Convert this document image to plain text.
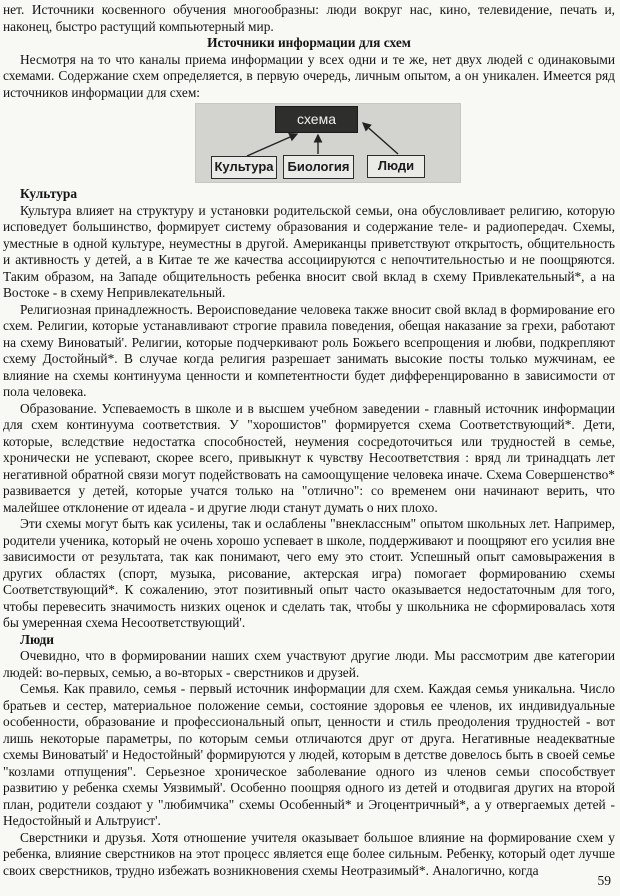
нет. Источники косвенного обучения многообразны: люди вокруг нас, кино, телевидение, печать и, наконец, быстро растущий компьютерный мир.

Источники информации для схем

Несмотря на то что каналы приема информации у всех одни и те же, нет двух людей с одинаковыми схемами. Содержание схем определяется, в первую очередь, личным опытом, а он уникален. Имеется ряд источников информации для схем:

схема
Культура	Биология	Люди

Культура

Культура влияет на структуру и установки родительской семьи, она обусловливает религию, которую исповедует большинство, формирует систему образования и содержание теле- и радиопередач. Схемы, уместные в одной культуре, неуместны в другой. Американцы приветствуют открытость, общительность и активность у детей, а в Китае те же качества ассоциируются с непочтительностью и не поощряются. Таким образом, на Западе общительность ребенка вносит свой вклад в схему Привлекательный*, а на Востоке - в схему Непривлекательный.

Религиозная принадлежность. Вероисповедание человека также вносит свой вклад в формирование его схем. Религии, которые устанавливают строгие правила поведения, обещая наказание за грехи, работают на схему Виноватый'. Религии, которые подчеркивают роль Божьего всепрощения и любви, подкрепляют схему Достойный*. В случае когда религия разрешает занимать высокие посты только мужчинам, ее влияние на схемы континуума ценности и компетентности будет дифференцированно в зависимости от пола человека.

Образование. Успеваемость в школе и в высшем учебном заведении - главный источник информации для схем континуума соответствия. У "хорошистов" формируется схема Соответствующий*. Дети, которые, вследствие недостатка способностей, неумения сосредоточиться или трудностей в семье, хронически не успевают, скорее всего, привыкнут к чувству Несоответствия : вряд ли тринадцать лет негативной обратной связи могут подействовать на самоощущение человека иначе. Схема Совершенство* развивается у детей, которые учатся только на "отлично": со временем они начинают верить, что малейшее отклонение от идеала - и другие люди станут думать о них плохо.

Эти схемы могут быть как усилены, так и ослаблены "внеклассным" опытом школьных лет. Например, родители ученика, который не очень хорошо успевает в школе, поддерживают и поощряют его усилия вне зависимости от результата, так как понимают, чего ему это стоит. Успешный опыт самовыражения в других областях (спорт, музыка, рисование, актерская игра) помогает формированию схемы Соответствующий*. К сожалению, этот позитивный опыт часто оказывается недостаточным для того, чтобы перевесить значимость низких оценок и сделать так, чтобы у школьника не сформировалась хотя бы умеренная схема Несоответствующий'.

Люди

Очевидно, что в формировании наших схем участвуют другие люди. Мы рассмотрим две категории людей: во-первых, семью, а во-вторых - сверстников и друзей.

Семья. Как правило, семья - первый источник информации для схем. Каждая семья уникальна. Число братьев и сестер, материальное положение семьи, состояние здоровья ее членов, их индивидуальные особенности, образование и профессиональный опыт, ценности и стиль преодоления трудностей - вот лишь некоторые параметры, по которым семьи отличаются друг от друга. Негативные неадекватные схемы Виноватый' и Недостойный' формируются у людей, которым в детстве довелось быть в своей семье "козлами отпущения". Серьезное хроническое заболевание одного из членов семьи способствует развитию у ребенка схемы Уязвимый'. Особенно поощряя одного из детей и отодвигая других на второй план, родители создают у "любимчика" схемы Особенный* и Эгоцентричный*, а у отвергаемых детей - Недостойный и Альтруист'.

Сверстники и друзья. Хотя отношение учителя оказывает большое влияние на формирование схем у ребенка, влияние сверстников на этот процесс является еще более сильным. Ребенку, который одет лучше своих сверстников, трудно избежать возникновения схемы Неотразимый*. Аналогично, когда

59
